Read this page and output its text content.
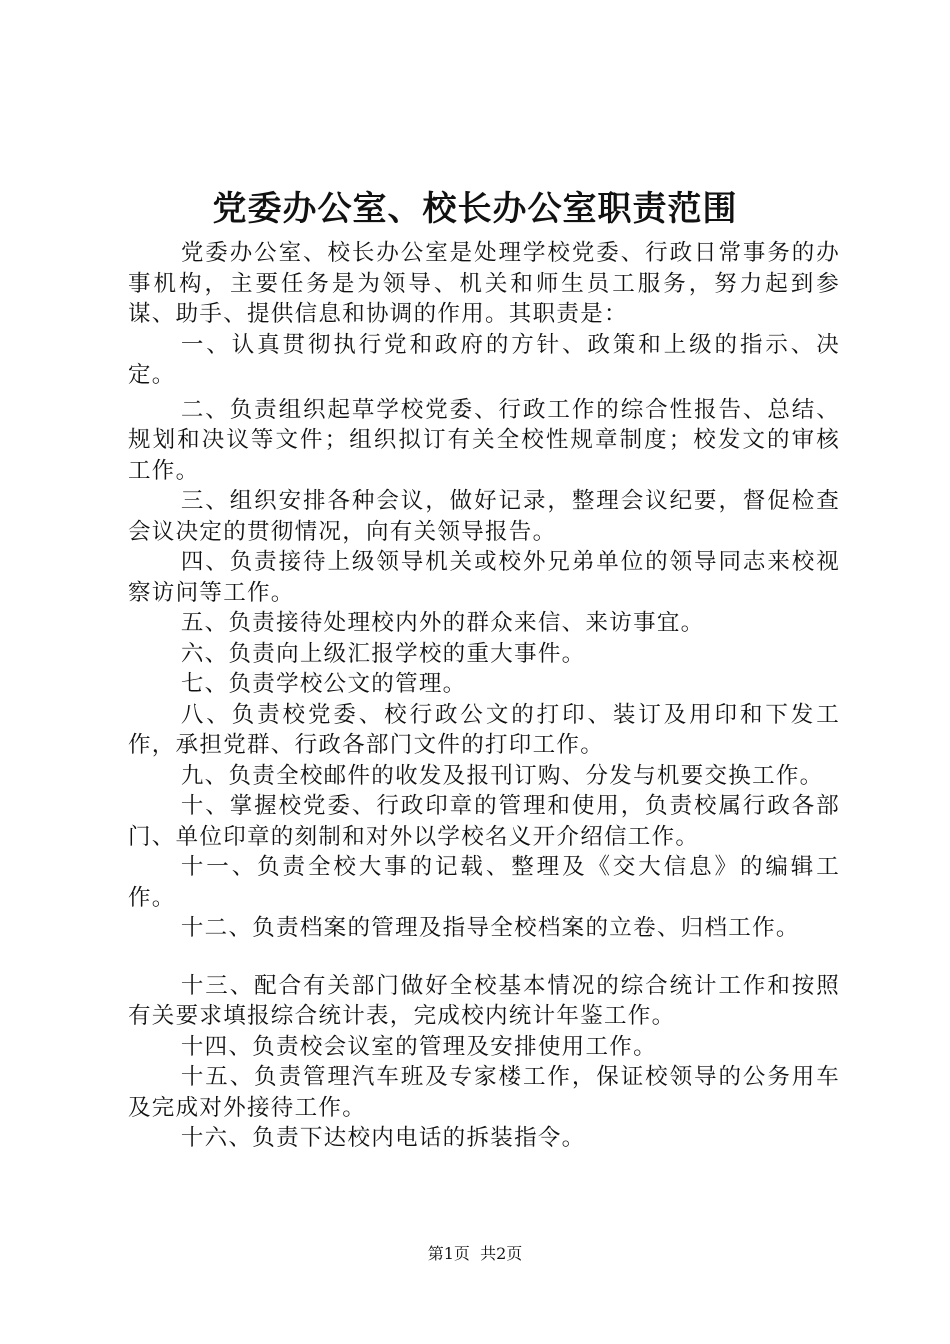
党委办公室、校长办公室职责范围

党委办公室、校长办公室是处理学校党委、行政日常事务的办事机构，主要任务是为领导、机关和师生员工服务，努力起到参谋、助手、提供信息和协调的作用。其职责是：

一、认真贯彻执行党和政府的方针、政策和上级的指示、决定。

二、负责组织起草学校党委、行政工作的综合性报告、总结、规划和决议等文件；组织拟订有关全校性规章制度；校发文的审核工作。

三、组织安排各种会议，做好记录，整理会议纪要，督促检查会议决定的贯彻情况，向有关领导报告。

四、负责接待上级领导机关或校外兄弟单位的领导同志来校视察访问等工作。

五、负责接待处理校内外的群众来信、来访事宜。

六、负责向上级汇报学校的重大事件。

七、负责学校公文的管理。

八、负责校党委、校行政公文的打印、装订及用印和下发工作，承担党群、行政各部门文件的打印工作。

九、负责全校邮件的收发及报刊订购、分发与机要交换工作。

十、掌握校党委、行政印章的管理和使用，负责校属行政各部门、单位印章的刻制和对外以学校名义开介绍信工作。

十一、负责全校大事的记载、整理及《交大信息》的编辑工作。

十二、负责档案的管理及指导全校档案的立卷、归档工作。

十三、配合有关部门做好全校基本情况的综合统计工作和按照有关要求填报综合统计表，完成校内统计年鉴工作。

十四、负责校会议室的管理及安排使用工作。

十五、负责管理汽车班及专家楼工作，保证校领导的公务用车及完成对外接待工作。

十六、负责下达校内电话的拆装指令。

第1页  共2页
